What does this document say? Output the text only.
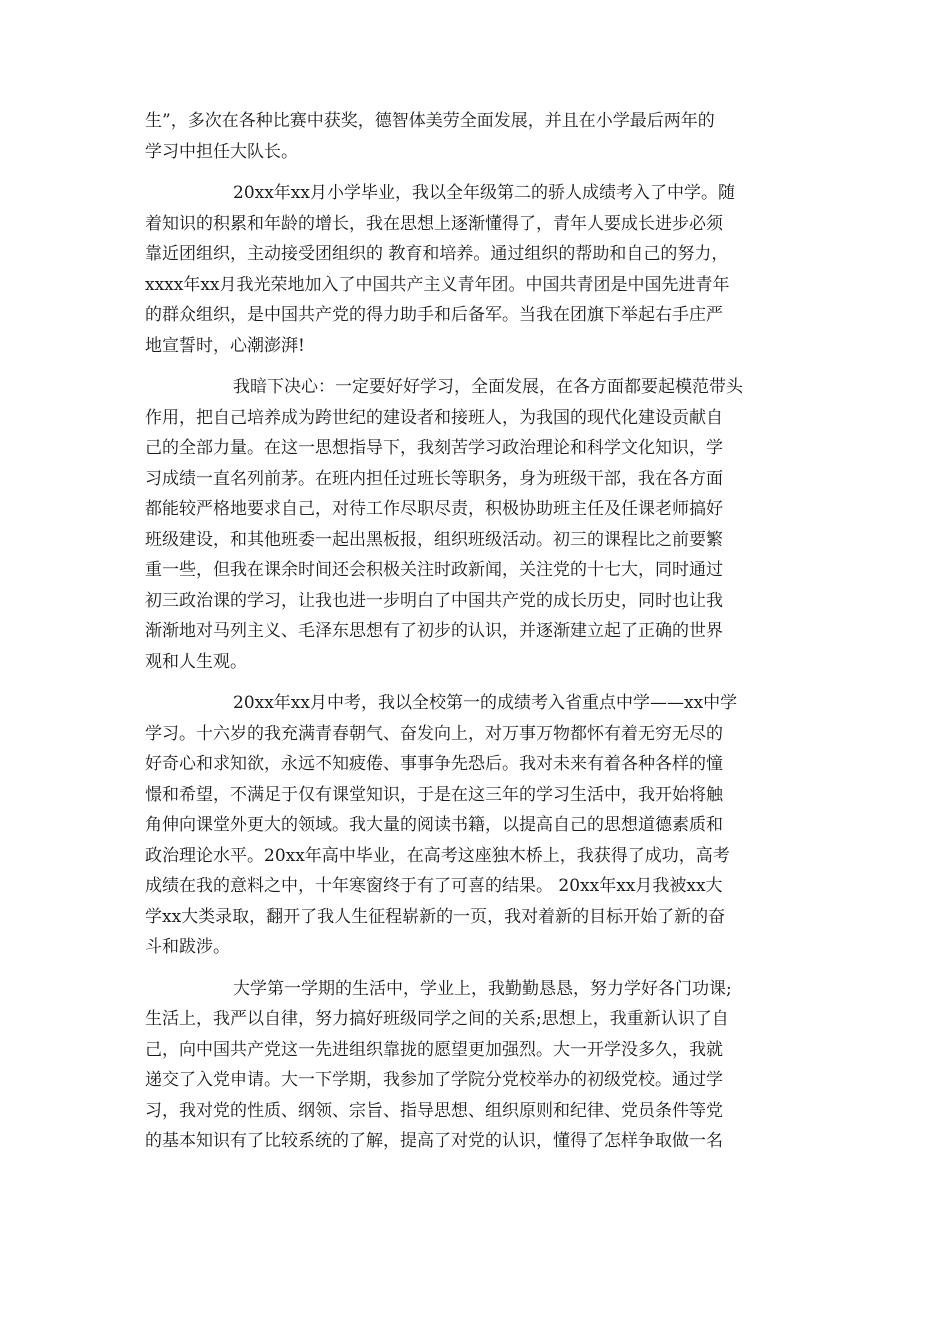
生”，多次在各种比赛中获奖，德智体美劳全面发展，并且在小学最后两年的
学习中担任大队长。

20xx年xx月小学毕业，我以全年级第二的骄人成绩考入了中学。随
着知识的积累和年龄的增长，我在思想上逐渐懂得了，青年人要成长进步必须
靠近团组织，主动接受团组织的 教育和培养。通过组织的帮助和自己的努力，
xxxx年xx月我光荣地加入了中国共产主义青年团。中国共青团是中国先进青年
的群众组织，是中国共产党的得力助手和后备军。当我在团旗下举起右手庄严
地宣誓时，心潮澎湃!

我暗下决心：一定要好好学习，全面发展，在各方面都要起模范带头
作用，把自己培养成为跨世纪的建设者和接班人，为我国的现代化建设贡献自
己的全部力量。在这一思想指导下，我刻苦学习政治理论和科学文化知识，学
习成绩一直名列前茅。在班内担任过班长等职务，身为班级干部，我在各方面
都能较严格地要求自己，对待工作尽职尽责，积极协助班主任及任课老师搞好
班级建设，和其他班委一起出黑板报，组织班级活动。初三的课程比之前要繁
重一些，但我在课余时间还会积极关注时政新闻，关注党的十七大，同时通过
初三政治课的学习，让我也进一步明白了中国共产党的成长历史，同时也让我
渐渐地对马列主义、毛泽东思想有了初步的认识，并逐渐建立起了正确的世界
观和人生观。

20xx年xx月中考，我以全校第一的成绩考入省重点中学——xx中学
学习。十六岁的我充满青春朝气、奋发向上，对万事万物都怀有着无穷无尽的
好奇心和求知欲，永远不知疲倦、事事争先恐后。我对未来有着各种各样的憧
憬和希望，不满足于仅有课堂知识，于是在这三年的学习生活中，我开始将触
角伸向课堂外更大的领域。我大量的阅读书籍，以提高自己的思想道德素质和
政治理论水平。20xx年高中毕业，在高考这座独木桥上，我获得了成功，高考
成绩在我的意料之中，十年寒窗终于有了可喜的结果。 20xx年xx月我被xx大
学xx大类录取，翻开了我人生征程崭新的一页，我对着新的目标开始了新的奋
斗和跋涉。

大学第一学期的生活中，学业上，我勤勤恳恳，努力学好各门功课;
生活上，我严以自律，努力搞好班级同学之间的关系;思想上，我重新认识了自
己，向中国共产党这一先进组织靠拢的愿望更加强烈。大一开学没多久，我就
递交了入党申请。大一下学期，我参加了学院分党校举办的初级党校。通过学
习，我对党的性质、纲领、宗旨、指导思想、组织原则和纪律、党员条件等党
的基本知识有了比较系统的了解，提高了对党的认识，懂得了怎样争取做一名
